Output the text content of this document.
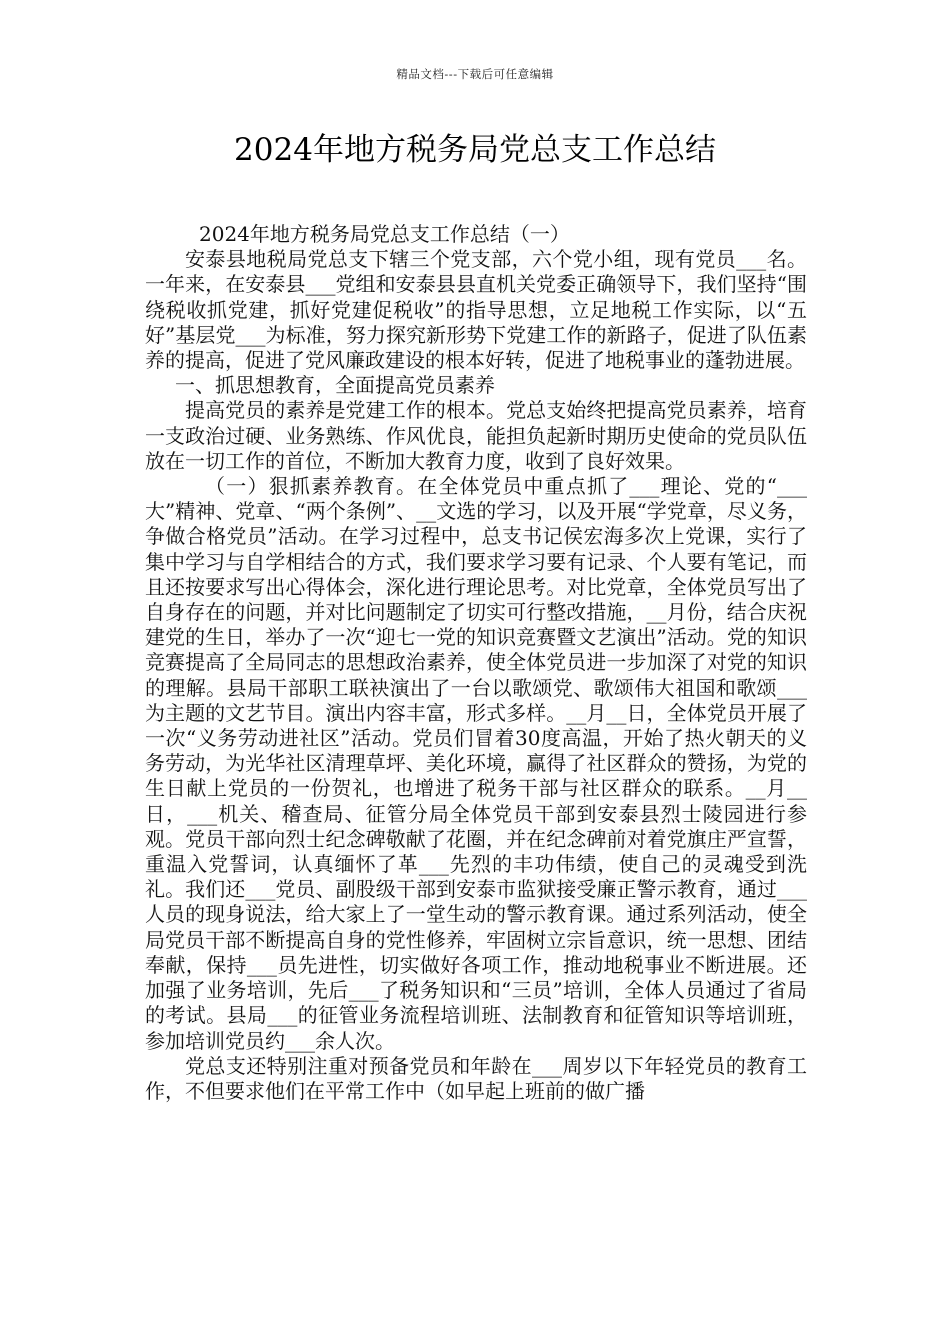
精品文档---下载后可任意编辑
2024年地方税务局党总支工作总结

2024年地方税务局党总支工作总结（一）

安泰县地税局党总支下辖三个党支部，六个党小组，现有党员___名。一年来，在安泰县___党组和安泰县县直机关党委正确领导下，我们坚持“围绕税收抓党建，抓好党建促税收”的指导思想，立足地税工作实际，以“五好”基层党___为标准，努力探究新形势下党建工作的新路子，促进了队伍素养的提高，促进了党风廉政建设的根本好转，促进了地税事业的蓬勃进展。

一、抓思想教育，全面提高党员素养

提高党员的素养是党建工作的根本。党总支始终把提高党员素养，培育一支政治过硬、业务熟练、作风优良，能担负起新时期历史使命的党员队伍放在一切工作的首位，不断加大教育力度，收到了良好效果。

（一）狠抓素养教育。在全体党员中重点抓了___理论、党的“___大”精神、党章、“两个条例”、__文选的学习，以及开展“学党章，尽义务，争做合格党员”活动。在学习过程中，总支书记侯宏海多次上党课，实行了集中学习与自学相结合的方式，我们要求学习要有记录、个人要有笔记，而且还按要求写出心得体会，深化进行理论思考。对比党章，全体党员写出了自身存在的问题，并对比问题制定了切实可行整改措施，__月份，结合庆祝建党的生日，举办了一次“迎七一党的知识竞赛暨文艺演出”活动。党的知识竞赛提高了全局同志的思想政治素养，使全体党员进一步加深了对党的知识的理解。县局干部职工联袂演出了一台以歌颂党、歌颂伟大祖国和歌颂___为主题的文艺节目。演出内容丰富，形式多样。__月__日，全体党员开展了一次“义务劳动进社区”活动。党员们冒着30度高温，开始了热火朝天的义务劳动，为光华社区清理草坪、美化环境，赢得了社区群众的赞扬，为党的生日献上党员的一份贺礼，也增进了税务干部与社区群众的联系。__月__日，___机关、稽查局、征管分局全体党员干部到安泰县烈士陵园进行参观。党员干部向烈士纪念碑敬献了花圈，并在纪念碑前对着党旗庄严宣誓，重温入党誓词，认真缅怀了革___先烈的丰功伟绩，使自己的灵魂受到洗礼。我们还___党员、副股级干部到安泰市监狱接受廉正警示教育，通过___人员的现身说法，给大家上了一堂生动的警示教育课。通过系列活动，使全局党员干部不断提高自身的党性修养，牢固树立宗旨意识，统一思想、团结奉献，保持___员先进性，切实做好各项工作，推动地税事业不断进展。还加强了业务培训，先后___了税务知识和“三员”培训，全体人员通过了省局的考试。县局___的征管业务流程培训班、法制教育和征管知识等培训班，参加培训党员约___余人次。

党总支还特别注重对预备党员和年龄在___周岁以下年轻党员的教育工作，不但要求他们在平常工作中（如早起上班前的做广播
